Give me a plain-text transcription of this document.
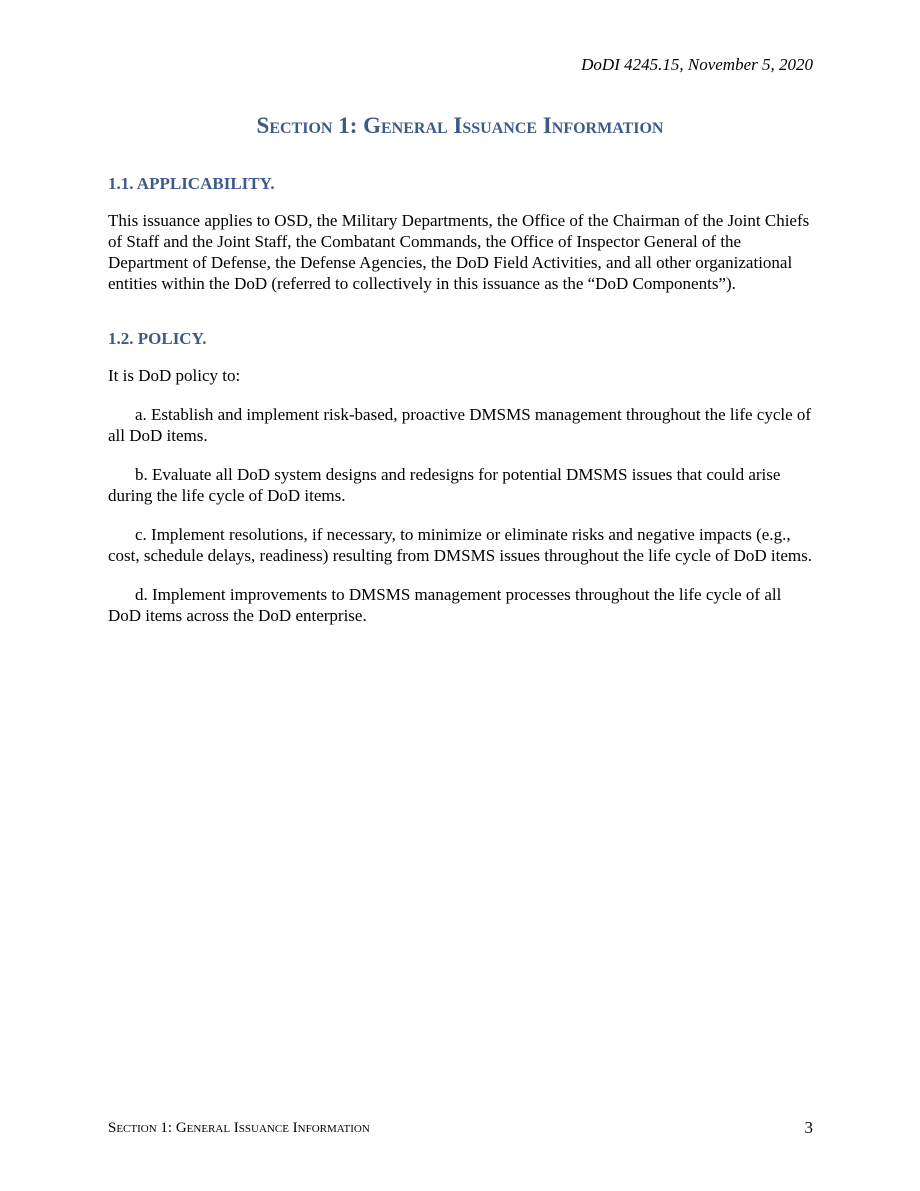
DoDI 4245.15, November 5, 2020
Section 1: General Issuance Information
1.1. APPLICABILITY.

This issuance applies to OSD, the Military Departments, the Office of the Chairman of the Joint Chiefs of Staff and the Joint Staff, the Combatant Commands, the Office of Inspector General of the Department of Defense, the Defense Agencies, the DoD Field Activities, and all other organizational entities within the DoD (referred to collectively in this issuance as the “DoD Components”).

1.2. POLICY.

It is DoD policy to:

a. Establish and implement risk-based, proactive DMSMS management throughout the life cycle of all DoD items.

b. Evaluate all DoD system designs and redesigns for potential DMSMS issues that could arise during the life cycle of DoD items.

c. Implement resolutions, if necessary, to minimize or eliminate risks and negative impacts (e.g., cost, schedule delays, readiness) resulting from DMSMS issues throughout the life cycle of DoD items.

d. Implement improvements to DMSMS management processes throughout the life cycle of all DoD items across the DoD enterprise.

Section 1: General Issuance Information	3
